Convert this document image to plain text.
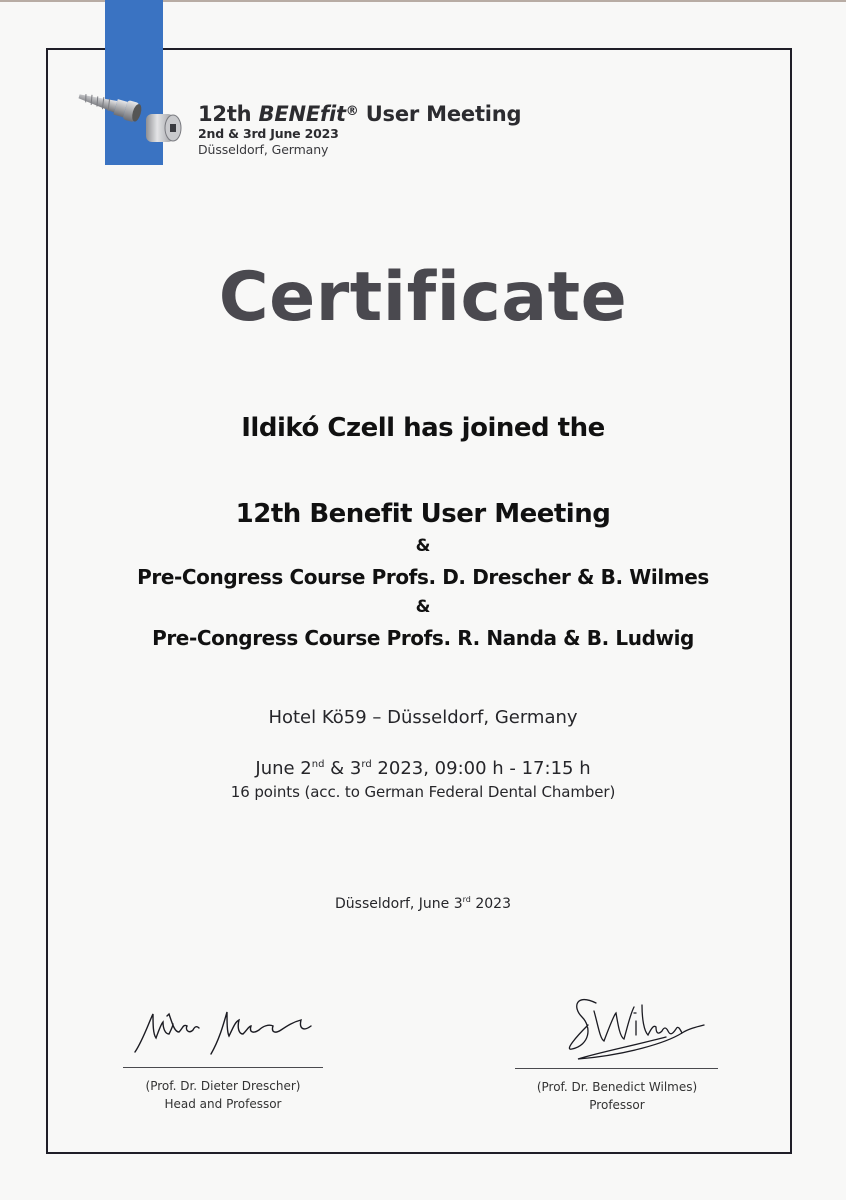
12th BENEfit® User Meeting
2nd & 3rd June 2023
Düsseldorf, Germany
Certificate
Ildikó Czell has joined the
12th Benefit User Meeting
&
Pre-Congress Course Profs. D. Drescher & B. Wilmes
&
Pre-Congress Course Profs. R. Nanda & B. Ludwig
Hotel Kö59 – Düsseldorf, Germany
June 2nd & 3rd 2023, 09:00 h - 17:15 h
16 points (acc. to German Federal Dental Chamber)
Düsseldorf, June 3rd 2023
(Prof. Dr. Dieter Drescher)
Head and Professor
(Prof. Dr. Benedict Wilmes)
Professor
